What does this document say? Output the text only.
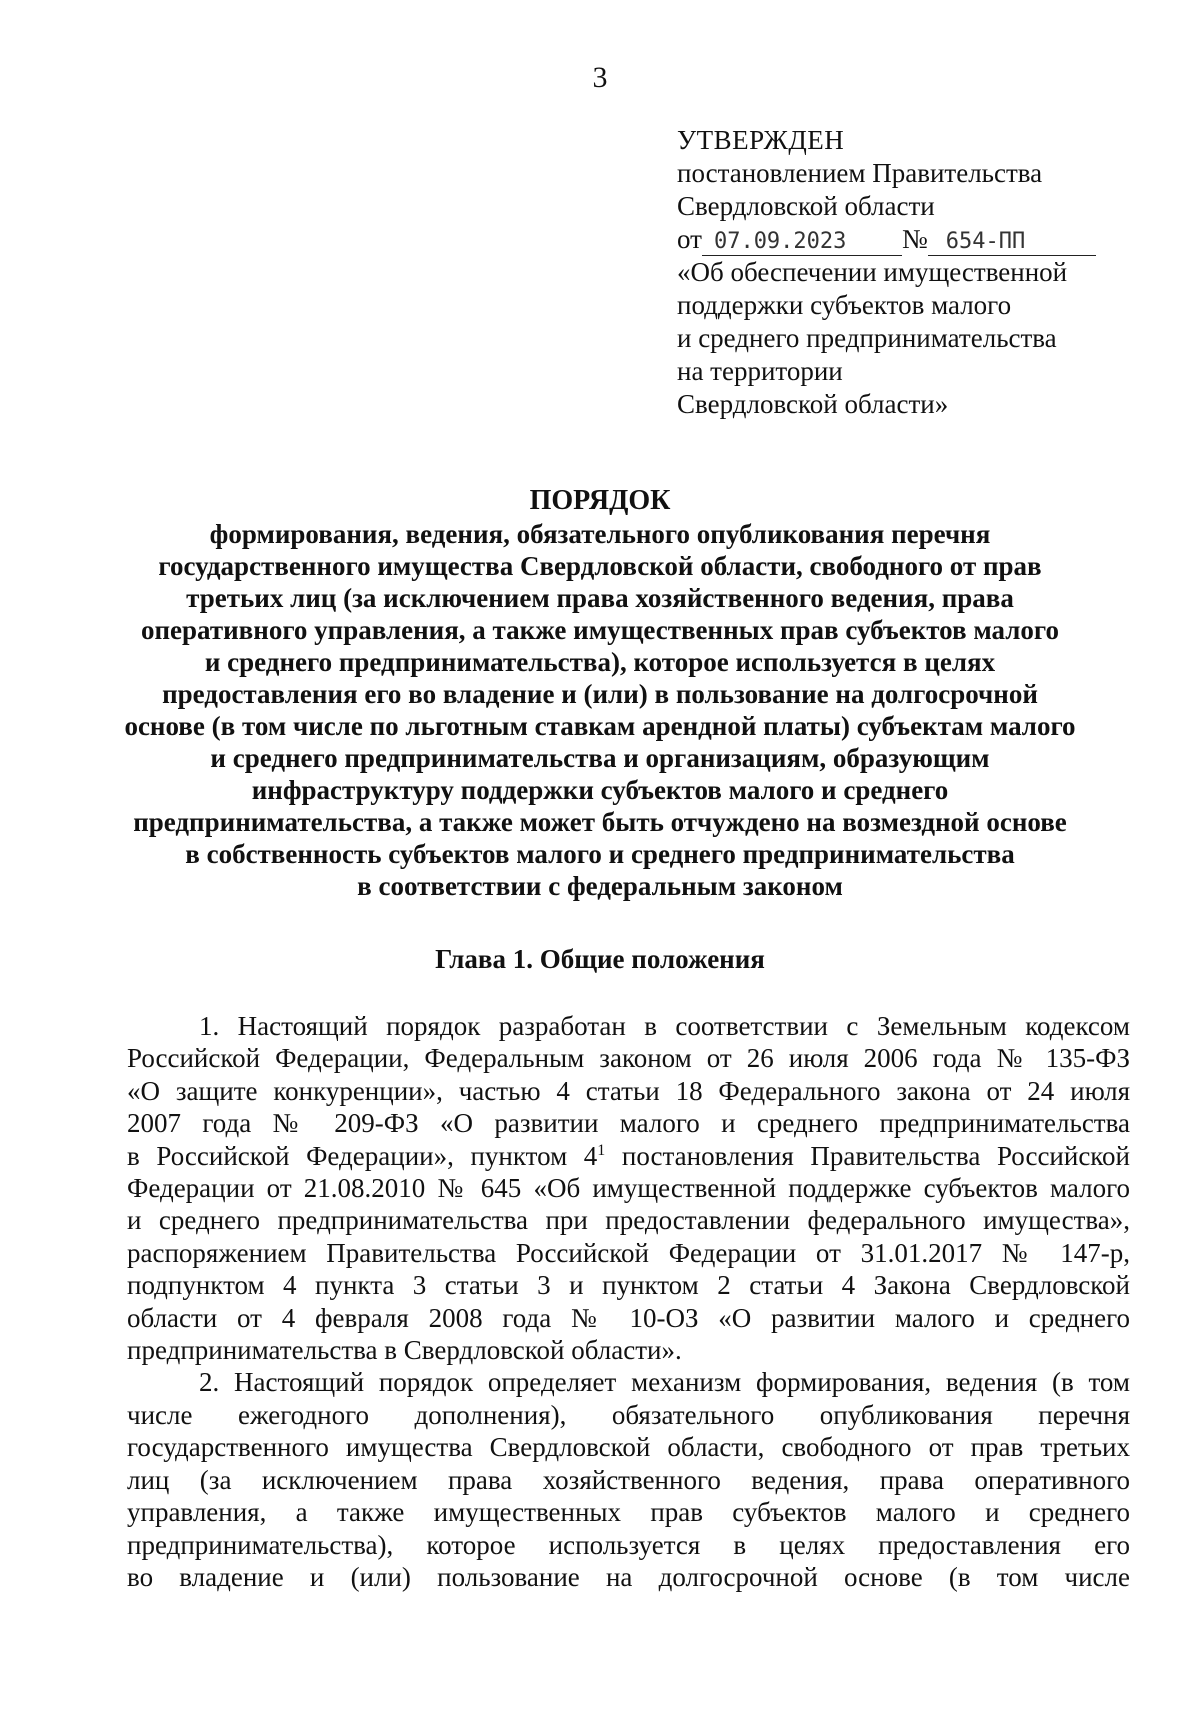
3
УТВЕРЖДЕН
постановлением Правительства
Свердловской области
от 07.09.2023 № 654-ПП
«Об обеспечении имущественной
поддержки субъектов малого
и среднего предпринимательства
на территории
Свердловской области»
ПОРЯДОК
формирования, ведения, обязательного опубликования перечня
государственного имущества Свердловской области, свободного от прав
третьих лиц (за исключением права хозяйственного ведения, права
оперативного управления, а также имущественных прав субъектов малого
и среднего предпринимательства), которое используется в целях
предоставления его во владение и (или) в пользование на долгосрочной
основе (в том числе по льготным ставкам арендной платы) субъектам малого
и среднего предпринимательства и организациям, образующим
инфраструктуру поддержки субъектов малого и среднего
предпринимательства, а также может быть отчуждено на возмездной основе
в собственность субъектов малого и среднего предпринимательства
в соответствии с федеральным законом
Глава 1. Общие положения
1. Настоящий порядок разработан в соответствии с Земельным кодексом
Российской Федерации, Федеральным законом от 26 июля 2006 года № 135-ФЗ
«О защите конкуренции», частью 4 статьи 18 Федерального закона от 24 июля
2007 года № 209-ФЗ «О развитии малого и среднего предпринимательства
в Российской Федерации», пунктом $4^1$ постановления Правительства Российской
Федерации от 21.08.2010 № 645 «Об имущественной поддержке субъектов малого
и среднего предпринимательства при предоставлении федерального имущества»,
распоряжением Правительства Российской Федерации от 31.01.2017 № 147-р,
подпунктом 4 пункта 3 статьи 3 и пунктом 2 статьи 4 Закона Свердловской
области от 4 февраля 2008 года № 10-ОЗ «О развитии малого и среднего
предпринимательства в Свердловской области».
2. Настоящий порядок определяет механизм формирования, ведения (в том
числе ежегодного дополнения), обязательного опубликования перечня
государственного имущества Свердловской области, свободного от прав третьих
лиц (за исключением права хозяйственного ведения, права оперативного
управления, а также имущественных прав субъектов малого и среднего
предпринимательства), которое используется в целях предоставления его
во владение и (или) пользование на долгосрочной основе (в том числе
